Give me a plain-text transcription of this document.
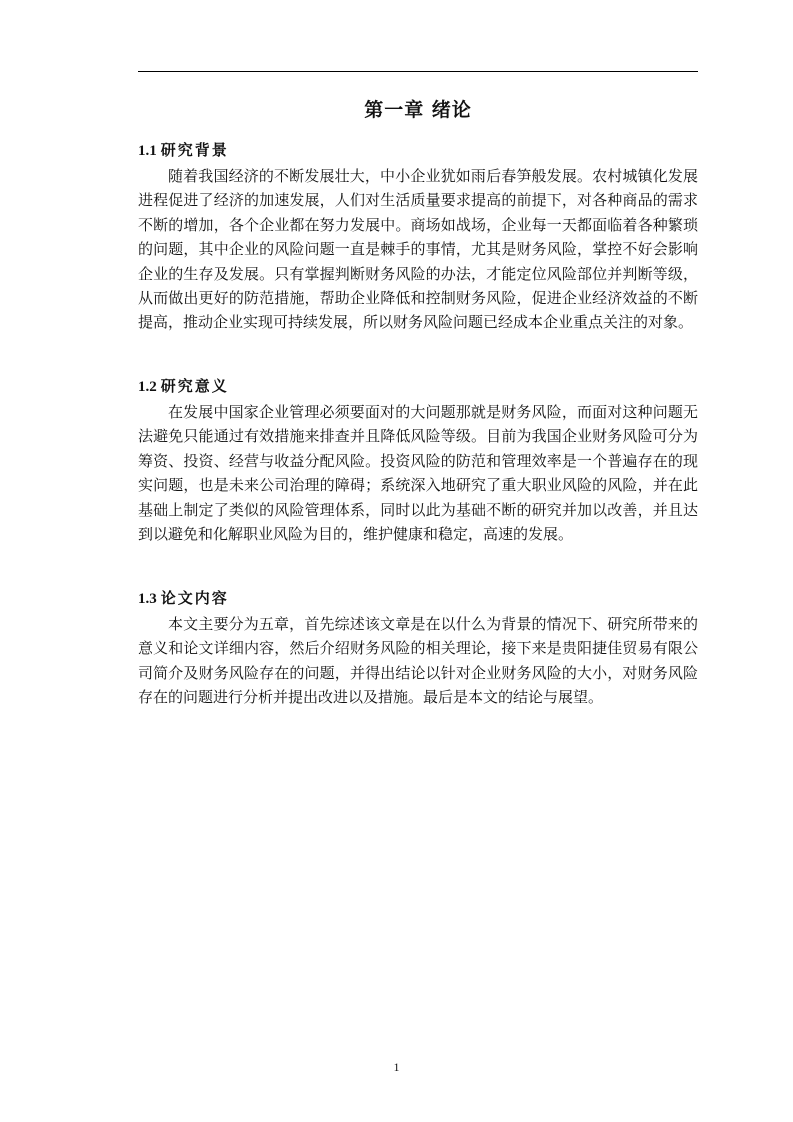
第一章 绪论
1.1 研究背景

随着我国经济的不断发展壮大，中小企业犹如雨后春笋般发展。农村城镇化发展进程促进了经济的加速发展，人们对生活质量要求提高的前提下，对各种商品的需求不断的增加，各个企业都在努力发展中。商场如战场，企业每一天都面临着各种繁琐的问题，其中企业的风险问题一直是棘手的事情，尤其是财务风险，掌控不好会影响企业的生存及发展。只有掌握判断财务风险的办法，才能定位风险部位并判断等级，从而做出更好的防范措施，帮助企业降低和控制财务风险，促进企业经济效益的不断提高，推动企业实现可持续发展，所以财务风险问题已经成本企业重点关注的对象。

1.2 研究意义

在发展中国家企业管理必须要面对的大问题那就是财务风险，而面对这种问题无法避免只能通过有效措施来排查并且降低风险等级。目前为我国企业财务风险可分为筹资、投资、经营与收益分配风险。投资风险的防范和管理效率是一个普遍存在的现实问题，也是未来公司治理的障碍；系统深入地研究了重大职业风险的风险，并在此基础上制定了类似的风险管理体系，同时以此为基础不断的研究并加以改善，并且达到以避免和化解职业风险为目的，维护健康和稳定，高速的发展。

1.3 论文内容

本文主要分为五章，首先综述该文章是在以什么为背景的情况下、研究所带来的意义和论文详细内容，然后介绍财务风险的相关理论，接下来是贵阳捷佳贸易有限公司简介及财务风险存在的问题，并得出结论以针对企业财务风险的大小，对财务风险存在的问题进行分析并提出改进以及措施。最后是本文的结论与展望。

1
